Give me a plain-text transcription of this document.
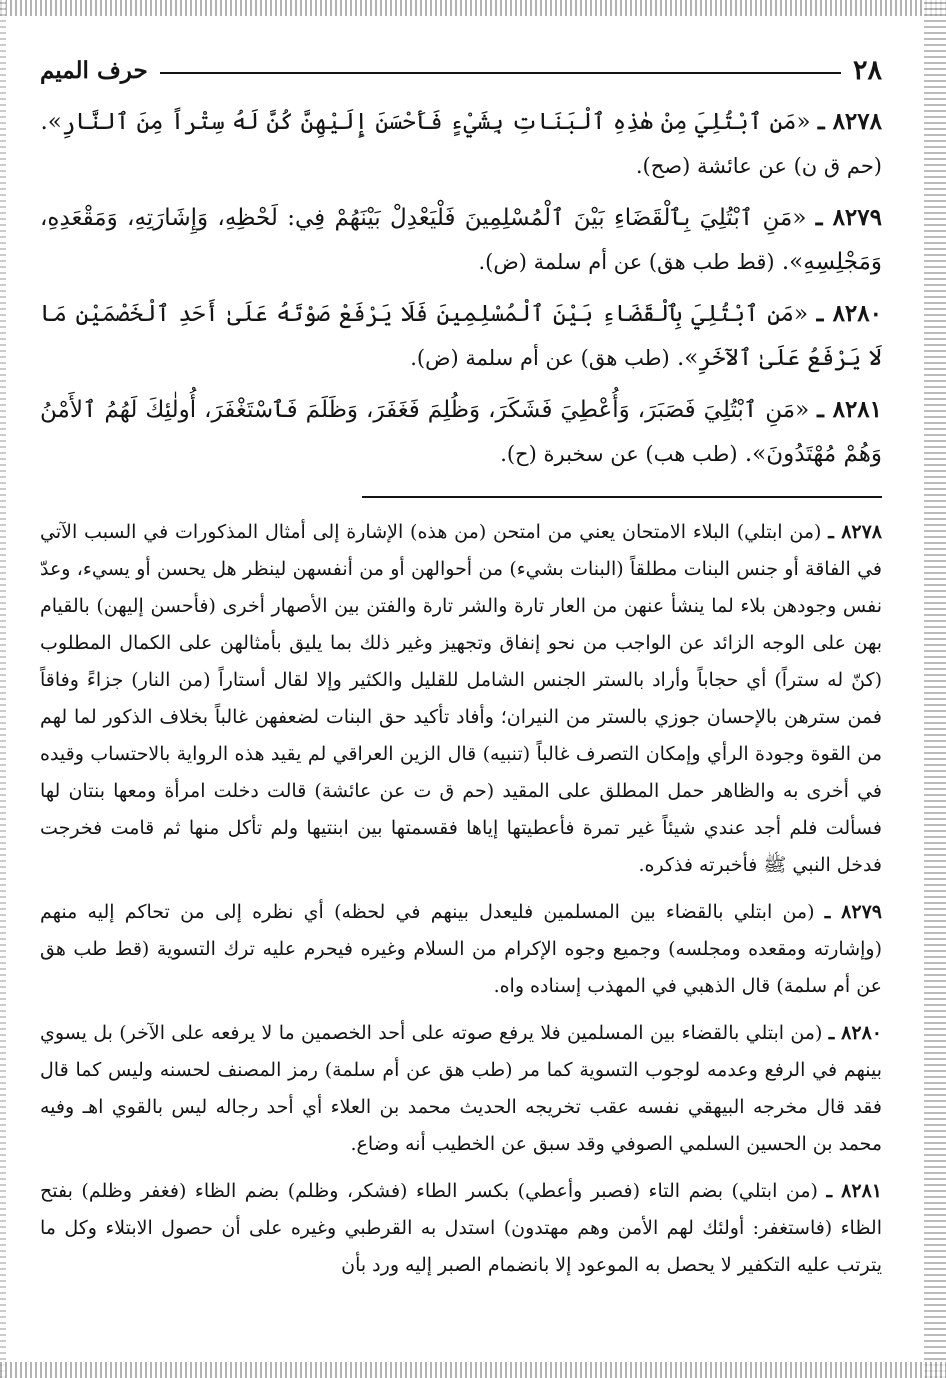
٢٨
حرف الميم

٨٢٧٨ ـ «مَنِ ٱبْتُلِيَ مِنْ هٰذِهِ ٱلْبَنَاتِ بِشَيْءٍ فَأَحْسَنَ إِلَيْهِنَّ كُنَّ لَهُ سِتْراً مِنَ ٱلنَّارِ».

(حم ق ن) عن عائشة (صح).

٨٢٧٩ ـ «مَنِ ٱبْتُلِيَ بِٱلْقَضَاءِ بَيْنَ ٱلْمُسْلِمِينَ فَلْيَعْدِلْ بَيْنَهُمْ فِي: لَحْظِهِ، وَإِشَارَتِهِ، وَمَقْعَدِهِ، وَمَجْلِسِهِ». (قط طب هق) عن أم سلمة (ض).

٨٢٨٠ ـ «مَنِ ٱبْتُلِيَ بِٱلْقَضَاءِ بَيْنَ ٱلْمُسْلِمِينَ فَلَا يَرْفَعْ صَوْتَهُ عَلَىٰ أَحَدِ ٱلْخَصْمَيْنِ مَا لَا يَرْفَعُ عَلَىٰ ٱلآخَرِ». (طب هق) عن أم سلمة (ض).

٨٢٨١ ـ «مَنِ ٱبْتُلِيَ فَصَبَرَ، وَأُعْطِيَ فَشَكَرَ، وَظُلِمَ فَغَفَرَ، وَظَلَمَ فَٱسْتَغْفَرَ، أُولٰئِكَ لَهُمُ ٱلأَمْنُ وَهُمْ مُهْتَدُونَ». (طب هب) عن سخبرة (ح).

٨٢٧٨ ـ (من ابتلي) البلاء الامتحان يعني من امتحن (من هذه) الإشارة إلى أمثال المذكورات في السبب الآتي في الفاقة أو جنس البنات مطلقاً (البنات بشيء) من أحوالهن أو من أنفسهن لينظر هل يحسن أو يسيء، وعدّ نفس وجودهن بلاء لما ينشأ عنهن من العار تارة والشر تارة والفتن بين الأصهار أخرى (فأحسن إليهن) بالقيام بهن على الوجه الزائد عن الواجب من نحو إنفاق وتجهيز وغير ذلك بما يليق بأمثالهن على الكمال المطلوب (كنّ له ستراً) أي حجاباً وأراد بالستر الجنس الشامل للقليل والكثير وإلا لقال أستاراً (من النار) جزاءً وفاقاً فمن سترهن بالإحسان جوزي بالستر من النيران؛ وأفاد تأكيد حق البنات لضعفهن غالباً بخلاف الذكور لما لهم من القوة وجودة الرأي وإمكان التصرف غالباً (تنبيه) قال الزين العراقي لم يقيد هذه الرواية بالاحتساب وقيده في أخرى به والظاهر حمل المطلق على المقيد (حم ق ت عن عائشة) قالت دخلت امرأة ومعها بنتان لها فسألت فلم أجد عندي شيئاً غير تمرة فأعطيتها إياها فقسمتها بين ابنتيها ولم تأكل منها ثم قامت فخرجت فدخل النبي ﷺ فأخبرته فذكره.

٨٢٧٩ ـ (من ابتلي بالقضاء بين المسلمين فليعدل بينهم في لحظه) أي نظره إلى من تحاكم إليه منهم (وإشارته ومقعده ومجلسه) وجميع وجوه الإكرام من السلام وغيره فيحرم عليه ترك التسوية (قط طب هق عن أم سلمة) قال الذهبي في المهذب إسناده واه.

٨٢٨٠ ـ (من ابتلي بالقضاء بين المسلمين فلا يرفع صوته على أحد الخصمين ما لا يرفعه على الآخر) بل يسوي بينهم في الرفع وعدمه لوجوب التسوية كما مر (طب هق عن أم سلمة) رمز المصنف لحسنه وليس كما قال فقد قال مخرجه البيهقي نفسه عقب تخريجه الحديث محمد بن العلاء أي أحد رجاله ليس بالقوي اهـ وفيه محمد بن الحسين السلمي الصوفي وقد سبق عن الخطيب أنه وضاع.

٨٢٨١ ـ (من ابتلي) بضم التاء (فصبر وأعطي) بكسر الطاء (فشكر، وظلم) بضم الظاء (فغفر وظلم) بفتح الظاء (فاستغفر: أولئك لهم الأمن وهم مهتدون) استدل به القرطبي وغيره على أن حصول الابتلاء وكل ما يترتب عليه التكفير لا يحصل به الموعود إلا بانضمام الصبر إليه ورد بأن
